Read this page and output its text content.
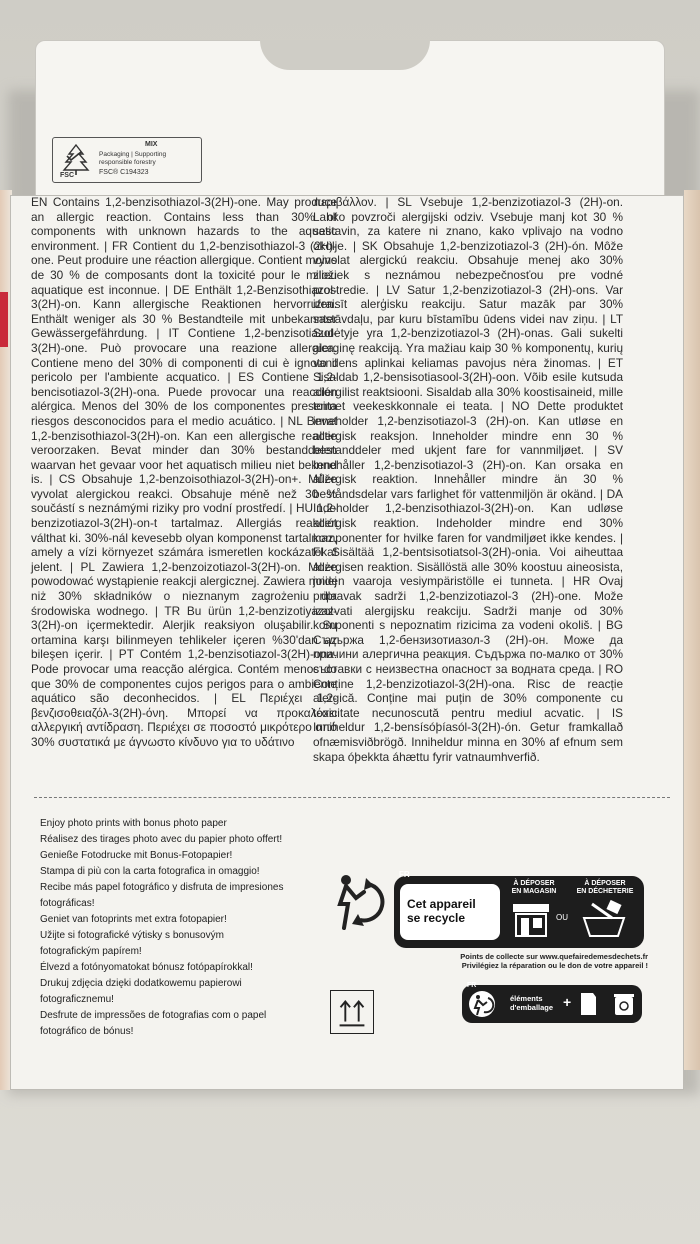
MIX
Packaging | Supporting
responsible forestry
FSC® C194323
FSC
EN Contains 1,2-benzisothiazol-3(2H)-one. May produce an allergic reaction. Contains less than 30% of components with unknown hazards to the aquatic environment. | FR Contient du 1,2-benzisothiazol-3 (2H)-one. Peut produire une réaction allergique. Contient moins de 30 % de composants dont la toxicité pour le milieu aquatique est inconnue. | DE Enthält 1,2-Benzisothiazol-3(2H)-on. Kann allergische Reaktionen hervorrufen. Enthält weniger als 30 % Bestandteile mit unbekannter Gewässergefährdung. | IT Contiene 1,2-benzisotiazol-3(2H)-one. Può provocare una reazione allergica. Contiene meno del 30% di componenti di cui è ignoto il pericolo per l'ambiente acquatico. | ES Contiene 1,2-bencisotiazol-3(2H)-ona. Puede provocar una reacción alérgica. Menos del 30% de los componentes presenta riesgos desconocidos para el medio acuático. | NL Bevat 1,2-benzisothiazol-3(2H)-on. Kan een allergische reactie veroorzaken. Bevat minder dan 30% bestanddelen waarvan het gevaar voor het aquatisch milieu niet bekend is. | CS Obsahuje 1,2-benzoisothiazol-3(2H)-on+. Může vyvolat alergickou reakci. Obsahuje méně než 30 % součástí s neznámými riziky pro vodní prostředí. | HU 1,2-benzizotiazol-3(2H)-on-t tartalmaz. Allergiás reakciót válthat ki. 30%-nál kevesebb olyan komponenst tartalmaz, amely a vízi környezet számára ismeretlen kockázatokat jelent. | PL Zawiera 1,2-benzoizotiazol-3(2H)-on. Może powodować wystąpienie reakcji alergicznej. Zawiera mniej niż 30% składników o nieznanym zagrożeniu dla środowiska wodnego. | TR Bu ürün 1,2-benzizotiyazol-3(2H)-on içermektedir. Alerjik reaksiyon oluşabilir. Su ortamina karşı bilinmeyen tehlikeler içeren %30'dan az bileşen içerir. | PT Contém 1,2-benzisotiazol-3(2H)-ona. Pode provocar uma reacção alérgica. Contém menos do que 30% de componentes cujos perigos para o ambiente aquático são deconhecidos. | EL Περιέχει 1,2-βενζισοθειαζόλ-3(2Η)-όνη. Μπορεί να προκαλέσει αλλεργική αντίδραση. Περιέχει σε ποσοστό μικρότερο από 30% συστατικά με άγνωστο κίνδυνο για το υδάτινο
περιβάλλον. | SL Vsebuje 1,2-benzizotiazol-3 (2H)-on. Lahko povzroči alergijski odziv. Vsebuje manj kot 30 % sestavin, za katere ni znano, kako vplivajo na vodno okolje. | SK Obsahuje 1,2-benzizotiazol-3 (2H)-ón. Môže vyvolat alergickú reakciu. Obsahuje menej ako 30% zložiek s neznámou nebezpečnosťou pre vodné prostredie. | LV Satur 1,2-benzizotiazol-3 (2H)-ons. Var izraisīt alerģisku reakciju. Satur mazāk par 30% sastāvdaļu, par kuru bīstamību ūdens videi nav ziņu. | LT Sudėtyje yra 1,2-benzizotiazol-3 (2H)-onas. Gali sukelti alerginę reakciją. Yra mažiau kaip 30 % komponentų, kurių vandens aplinkai keliamas pavojus nėra žinomas. | ET Sisaldab 1,2-bensisotiasool-3(2H)-oon. Võib esile kutsuda allergilist reaktsiooni. Sisaldab alla 30% koostisaineid, mille toimet veekeskkonnale ei teata. | NO Dette produktet inneholder 1,2-benzisotiazol-3 (2H)-on. Kan utløse en allergisk reaksjon. Inneholder mindre enn 30 % bestanddeler med ukjent fare for vannmiljøet. | SV Innehåller 1,2-benzisotiazol-3 (2H)-on. Kan orsaka en allergisk reaktion. Innehåller mindre än 30 % beståndsdelar vars farlighet för vattenmiljön är okänd. | DA Indeholder 1,2-benzisothiazol-3(2H)-on. Kan udløse allergisk reaktion. Indeholder mindre end 30% komponenter for hvilke faren for vandmiljøet ikke kendes. | FI Sisältää 1,2-bentsisotiatsol-3(2H)-onia. Voi aiheuttaa allergisen reaktion. Sisällöstä alle 30% koostuu aineosista, joiden vaaroja vesiympäristölle ei tunneta. | HR Ovaj pripravak sadrži 1,2-benzizotiazol-3 (2H)-one. Može izazvati alergijsku reakciju. Sadrži manje od 30% komponenti s nepoznatim rizicima za vodeni okoliš. | BG Съдържа 1,2-бензизотиазол-3 (2Н)-он. Може да причини алергична реакция. Съдържа по-малко от 30% съставки с неизвестна опасност за водната среда. | RO Conține 1,2-benzizotiazol-3(2H)-ona. Risc de reacție alergică. Conține mai puțin de 30% componente cu toxicitate necunoscută pentru mediul acvatic. | IS Inniheldur 1,2-bensísóþíasól-3(2H)-ón. Getur framkallað ofnæmisviðbrögð. Inniheldur minna en 30% af efnum sem skapa óþekkta áhættu fyrir vatnaumhverfið.
Enjoy photo prints with bonus photo paper
Réalisez des tirages photo avec du papier photo offert!
Genieße Fotodrucke mit Bonus-Fotopapier!
Stampa di più con la carta fotografica in omaggio!
Recibe más papel fotográfico y disfruta de impresiones
fotográficas!
Geniet van fotoprints met extra fotopapier!
Užijte si fotografické výtisky s bonusovým
fotografickým papírem!
Élvezd a fotónyomatokat bónusz fotópapírokkal!
Drukuj zdjęcia dzięki dodatkowemu papierowi
fotograficznemu!
Desfrute de impressões de fotografias com o papel
fotográfico de bónus!
FR
Cet appareil
se recycle
À DÉPOSER
EN MAGASIN
À DÉPOSER
EN DÉCHETERIE
OU
Points de collecte sur www.quefairedemesdechets.fr
Privilégiez la réparation ou le don de votre appareil !
FR
éléments
d'emballage +
